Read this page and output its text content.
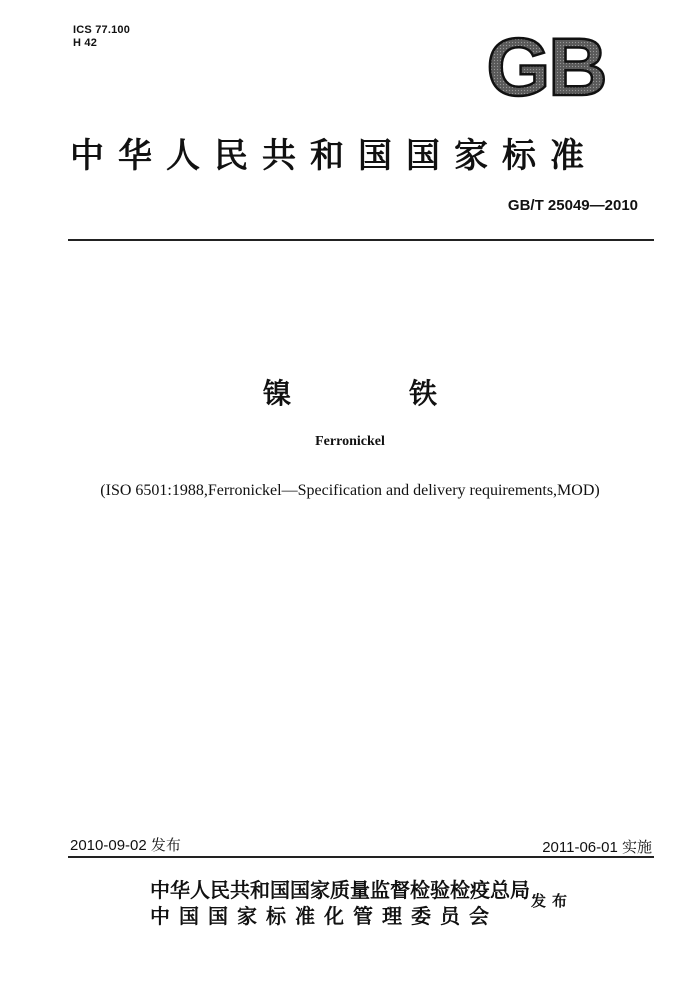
ICS 77.100
H 42	GB
中华人民共和国国家标准
GB/T 25049—2010
镍	铁
Ferronickel
(ISO 6501:1988,Ferronickel—Specification and delivery requirements,MOD)
2010-09-02 发布	2011-06-01 实施
中华人民共和国国家质量监督检验检疫总局
中国国家标准化管理委员会
发布
